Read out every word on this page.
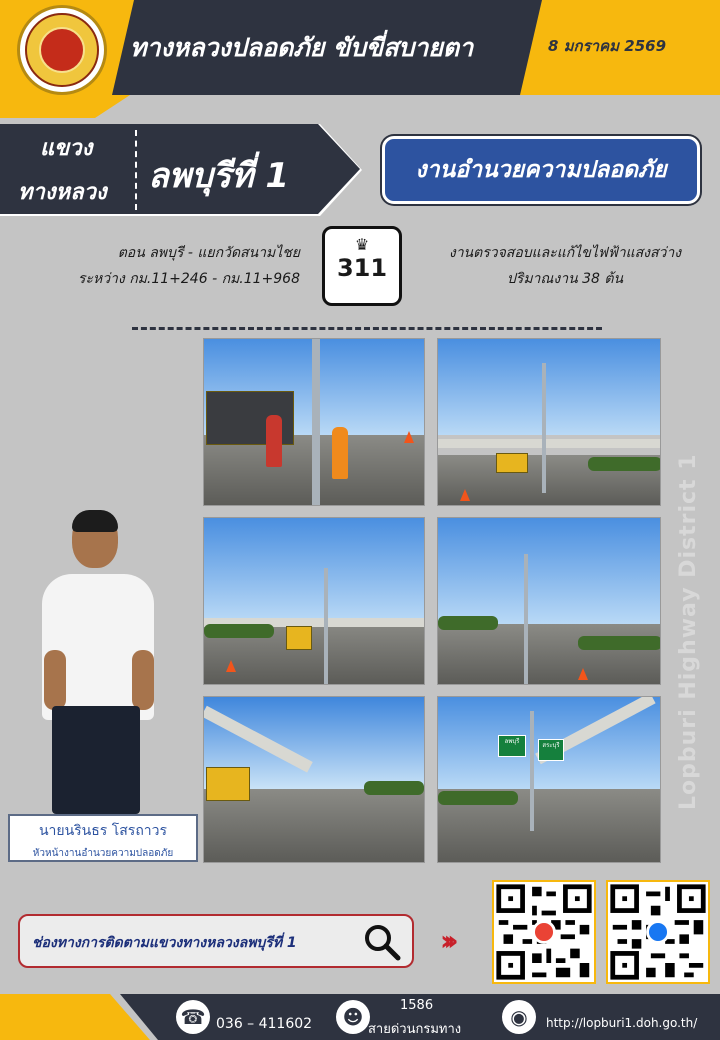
ทางหลวงปลอดภัย ขับขี่สบายตา	8 มกราคม 2569
แขวง
ทางหลวง ลพบุรีที่ 1	งานอำนวยความปลอดภัย
ตอน ลพบุรี - แยกวัดสนามไชย
ระหว่าง กม.11+246 - กม.11+968
♛
311
งานตรวจสอบและแก้ไขไฟฟ้าแสงสว่าง
ปริมาณงาน 38 ต้น
ลพบุรี
สระบุรี	Lopburi Highway District 1
นายนรินธร โสรถาวร
หัวหน้างานอำนวยความปลอดภัย
ช่องทางการติดตามแขวงทางหลวงลพบุรีที่ 1	›››
☎ 036 – 411602	☻	1586
สายด่วนกรมทาง
◉	http://lopburi1.doh.go.th/
